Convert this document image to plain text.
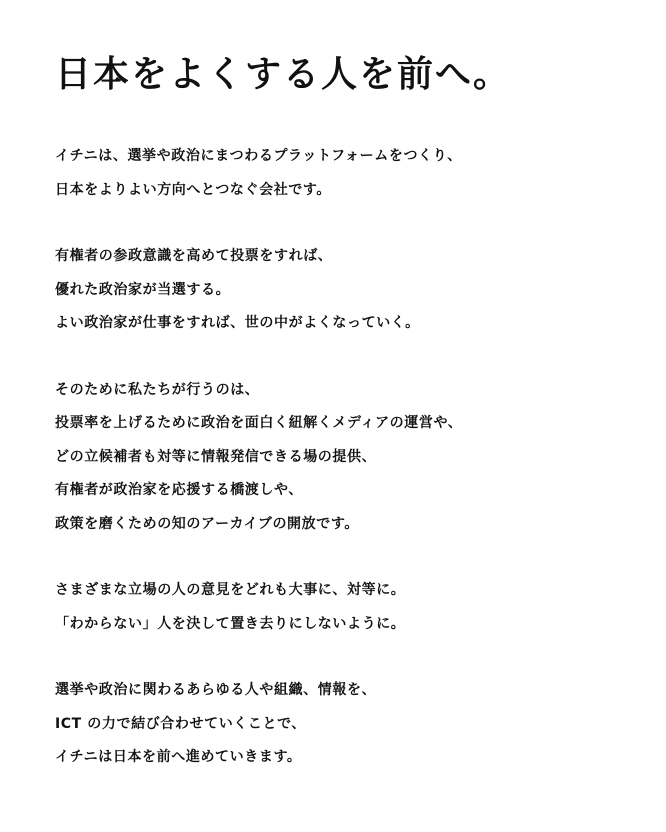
日本をよくする人を前へ。

イチニは、選挙や政治にまつわるプラットフォームをつくり、
日本をよりよい方向へとつなぐ会社です。

有権者の参政意識を高めて投票をすれば、
優れた政治家が当選する。
よい政治家が仕事をすれば、世の中がよくなっていく。

そのために私たちが行うのは、
投票率を上げるために政治を面白く紐解くメディアの運営や、
どの立候補者も対等に情報発信できる場の提供、
有権者が政治家を応援する橋渡しや、
政策を磨くための知のアーカイブの開放です。

さまざまな立場の人の意見をどれも大事に、対等に。
「わからない」人を決して置き去りにしないように。

選挙や政治に関わるあらゆる人や組織、情報を、
ICT の力で結び合わせていくことで、
イチニは日本を前へ進めていきます。
